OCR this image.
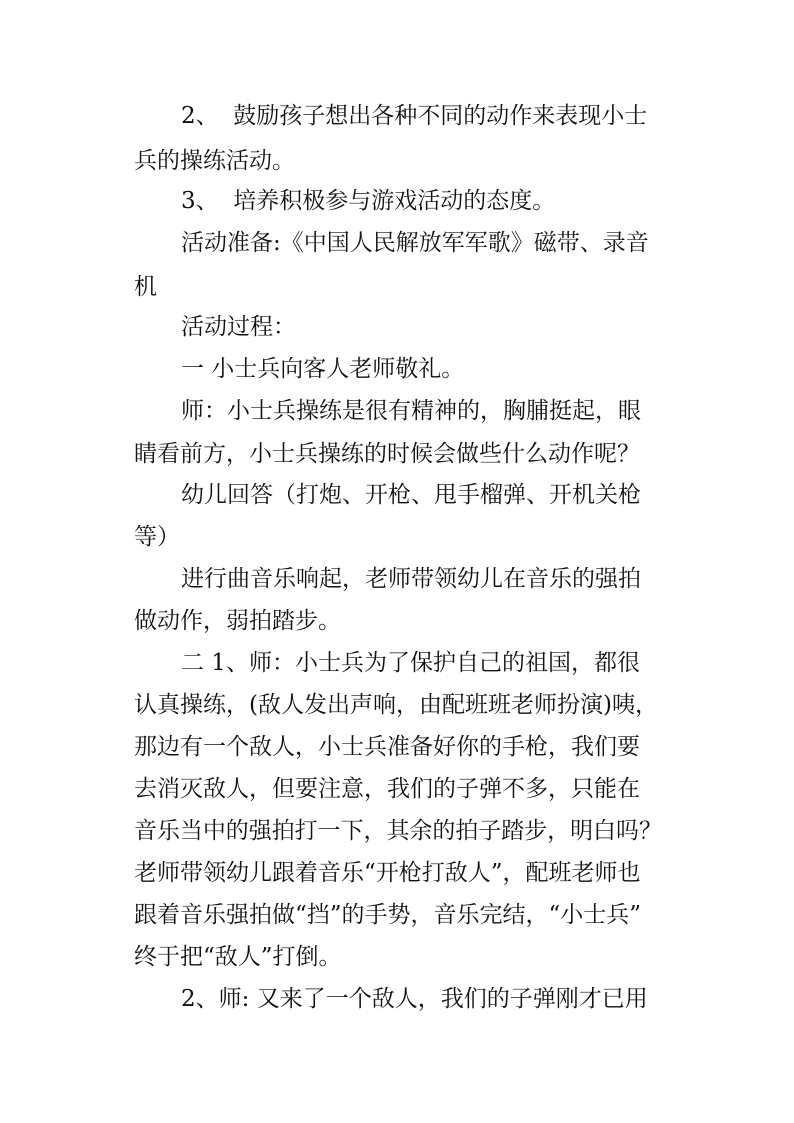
2、  鼓励孩子想出各种不同的动作来表现小士
兵的操练活动。
3、  培养积极参与游戏活动的态度。
活动准备:《中国人民解放军军歌》磁带、录音
机
活动过程：
一 小士兵向客人老师敬礼。
师：小士兵操练是很有精神的，胸脯挺起，眼
睛看前方，小士兵操练的时候会做些什么动作呢？
幼儿回答（打炮、开枪、甩手榴弹、开机关枪
等）
进行曲音乐响起，老师带领幼儿在音乐的强拍
做动作，弱拍踏步。
二 1、师：小士兵为了保护自己的祖国，都很
认真操练，(敌人发出声响，由配班班老师扮演)咦，
那边有一个敌人，小士兵准备好你的手枪，我们要
去消灭敌人，但要注意，我们的子弹不多，只能在
音乐当中的强拍打一下，其余的拍子踏步，明白吗？
老师带领幼儿跟着音乐“开枪打敌人”，配班老师也
跟着音乐强拍做“挡”的手势，音乐完结，“小士兵”
终于把“敌人”打倒。
2、师: 又来了一个敌人，我们的子弹刚才已用
